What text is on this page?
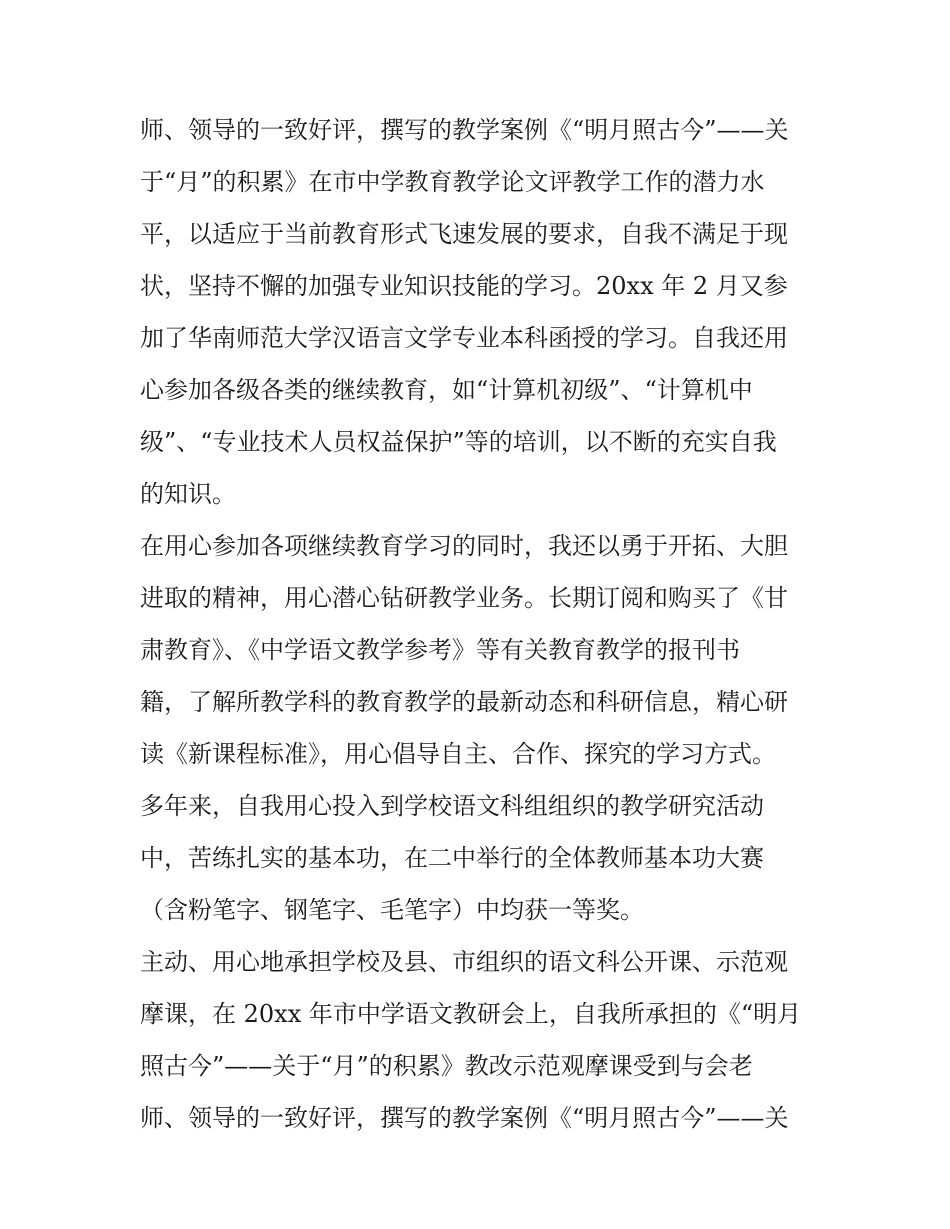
师、领导的一致好评，撰写的教学案例《“明月照古今”——关
于“月”的积累》在市中学教育教学论文评教学工作的潜力水
平，以适应于当前教育形式飞速发展的要求，自我不满足于现
状，坚持不懈的加强专业知识技能的学习。20xx 年 2 月又参
加了华南师范大学汉语言文学专业本科函授的学习。自我还用
心参加各级各类的继续教育，如“计算机初级”、“计算机中
级”、“专业技术人员权益保护”等的培训，以不断的充实自我
的知识。
在用心参加各项继续教育学习的同时，我还以勇于开拓、大胆
进取的精神，用心潜心钻研教学业务。长期订阅和购买了《甘
肃教育》、《中学语文教学参考》等有关教育教学的报刊书
籍，了解所教学科的教育教学的最新动态和科研信息，精心研
读《新课程标准》，用心倡导自主、合作、探究的学习方式。
多年来，自我用心投入到学校语文科组组织的教学研究活动
中，苦练扎实的基本功，在二中举行的全体教师基本功大赛
（含粉笔字、钢笔字、毛笔字）中均获一等奖。
主动、用心地承担学校及县、市组织的语文科公开课、示范观
摩课，在 20xx 年市中学语文教研会上，自我所承担的《“明月
照古今”——关于“月”的积累》教改示范观摩课受到与会老
师、领导的一致好评，撰写的教学案例《“明月照古今”——关
